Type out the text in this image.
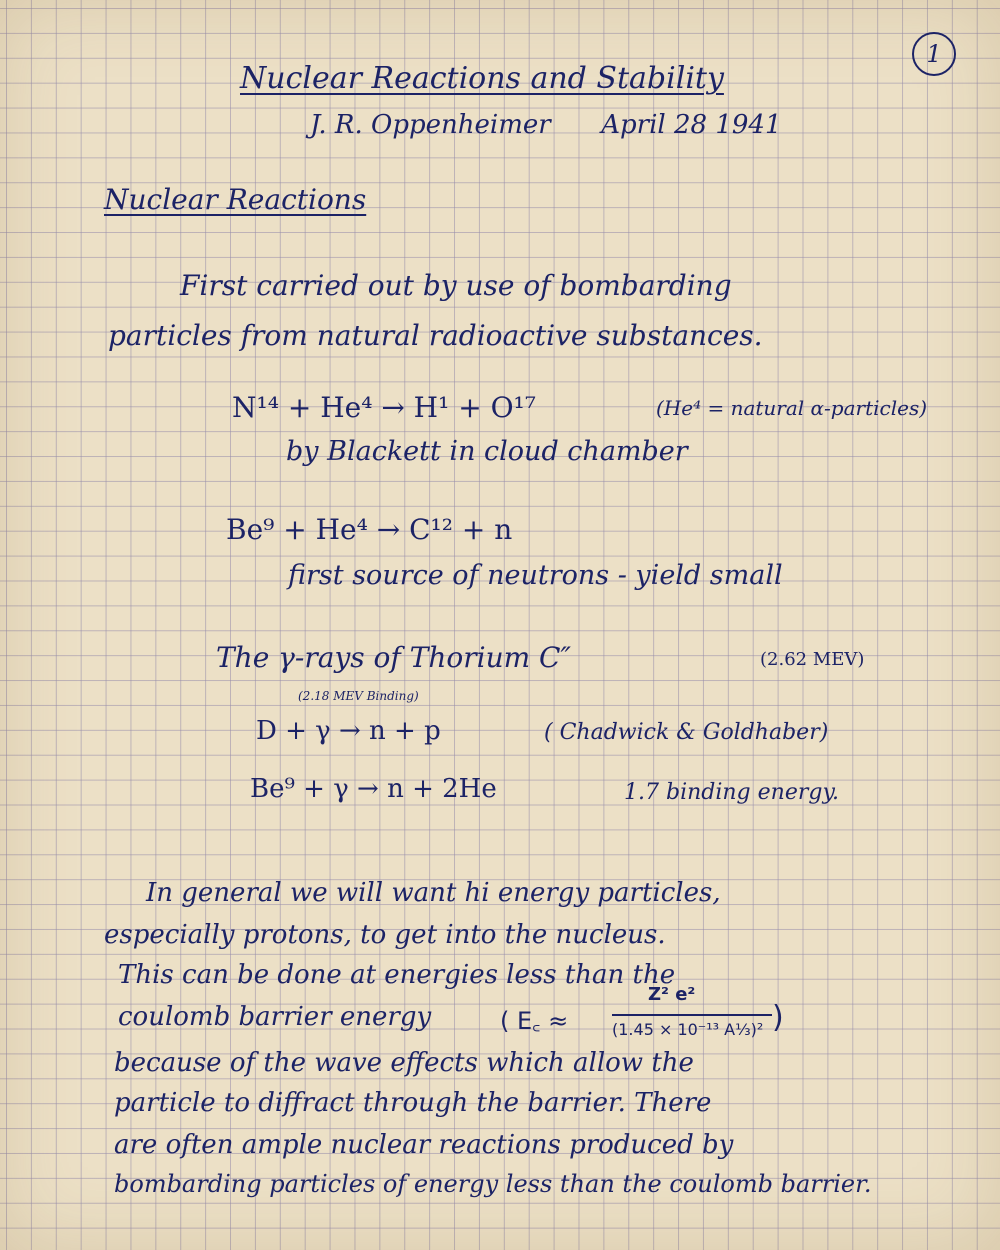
1
Nuclear Reactions and Stability
J. R. Oppenheimer April 28 1941
Nuclear Reactions
First carried out by use of bombarding
particles from natural radioactive substances.
N¹⁴ + He⁴ → H¹ + O¹⁷	(He⁴ = natural α-particles)
by Blackett in cloud chamber
Be⁹ + He⁴ → C¹² + n
first source of neutrons - yield small
The γ-rays of Thorium C″	(2.62 MEV)
(2.18 MEV Binding)
D + γ → n + p	( Chadwick & Goldhaber)
Be⁹ + γ → n + 2He	1.7 binding energy.
In general we will want hi energy particles,
especially protons, to get into the nucleus.
This can be done at energies less than the
coulomb barrier energy	( E꜀ ≈
Z² e²
(1.45 × 10⁻¹³ A⅓)² )
because of the wave effects which allow the
particle to diffract through the barrier. There
are often ample nuclear reactions produced by
bombarding particles of energy less than the coulomb barrier.
